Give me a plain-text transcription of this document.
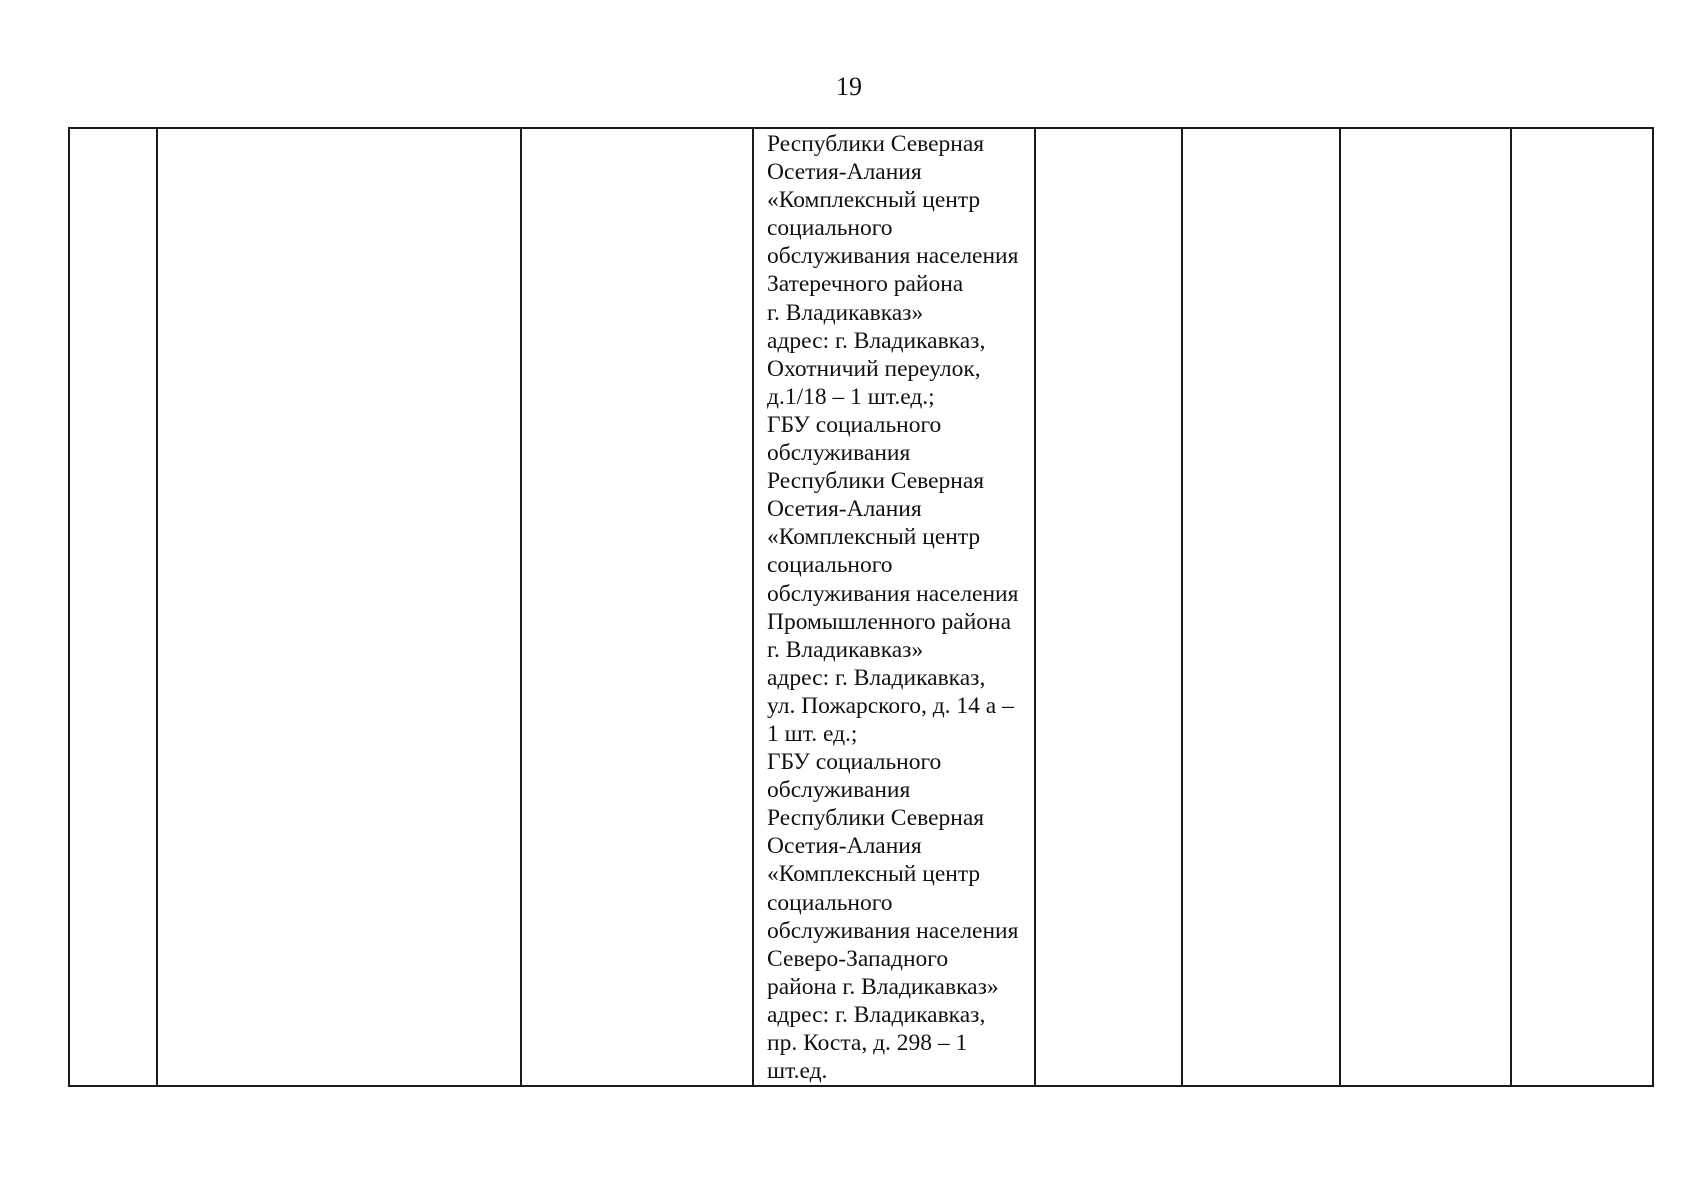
19

Республики Северная
Осетия-Алания
«Комплексный центр
социального
обслуживания населения
Затеречного района
г. Владикавказ»
адрес: г. Владикавказ,
Охотничий переулок,
д.1/18 – 1 шт.ед.;
ГБУ социального
обслуживания
Республики Северная
Осетия-Алания
«Комплексный центр
социального
обслуживания населения
Промышленного района
г. Владикавказ»
адрес: г. Владикавказ,
ул. Пожарского, д. 14 а –
1 шт. ед.;
ГБУ социального
обслуживания
Республики Северная
Осетия-Алания
«Комплексный центр
социального
обслуживания населения
Северо-Западного
района г. Владикавказ»
адрес: г. Владикавказ,
пр. Коста, д. 298 – 1
шт.ед.
